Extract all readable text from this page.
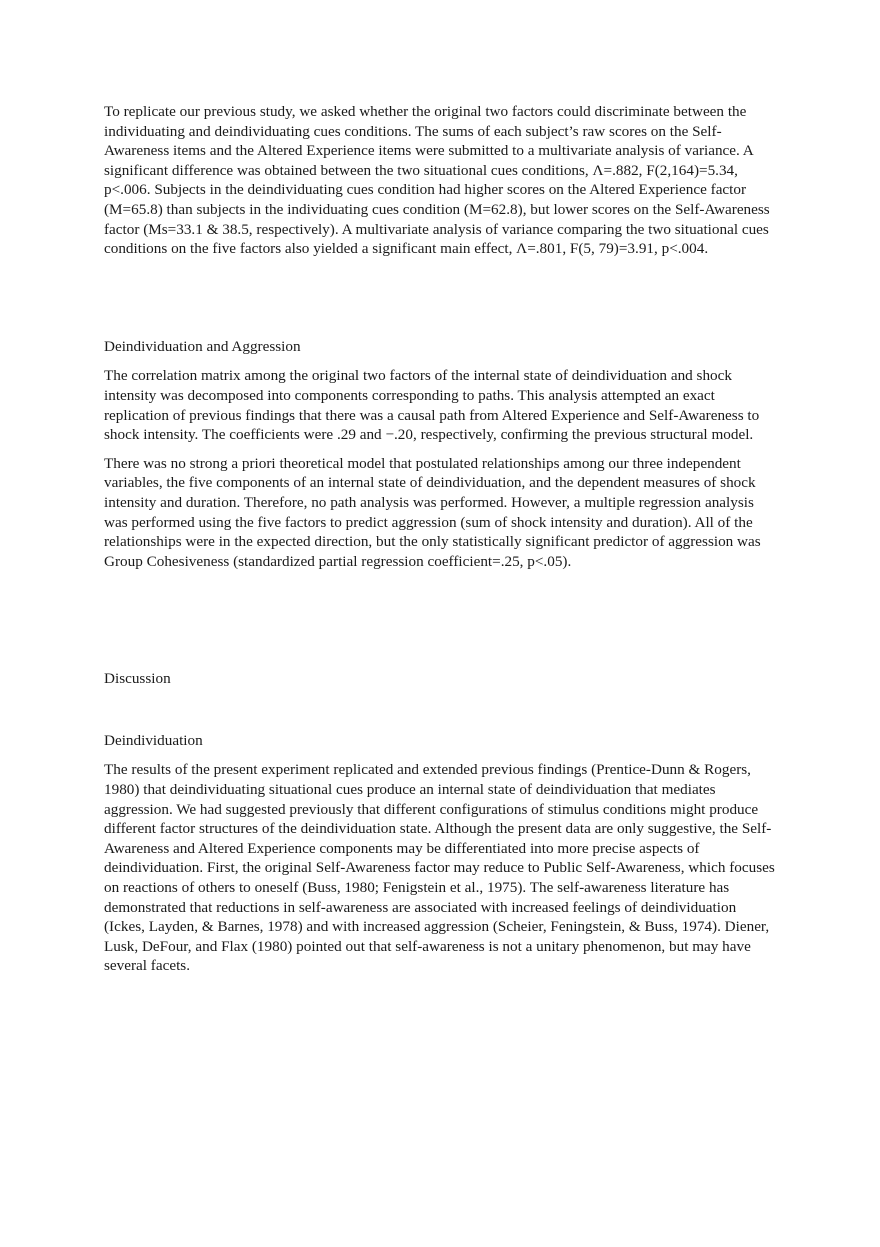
To replicate our previous study, we asked whether the original two factors could discriminate between the individuating and deindividuating cues conditions. The sums of each subject’s raw scores on the Self-Awareness items and the Altered Experience items were submitted to a multivariate analysis of variance. A significant difference was obtained between the two situational cues conditions, Λ=.882, F(2,164)=5.34, p<.006. Subjects in the deindividuating cues condition had higher scores on the Altered Experience factor (M=65.8) than subjects in the individuating cues condition (M=62.8), but lower scores on the Self-Awareness factor (Ms=33.1 & 38.5, respectively). A multivariate analysis of variance comparing the two situational cues conditions on the five factors also yielded a significant main effect, Λ=.801, F(5, 79)=3.91, p<.004.

Deindividuation and Aggression

The correlation matrix among the original two factors of the internal state of deindividuation and shock intensity was decomposed into components corresponding to paths. This analysis attempted an exact replication of previous findings that there was a causal path from Altered Experience and Self-Awareness to shock intensity. The coefficients were .29 and −.20, respectively, confirming the previous structural model.

There was no strong a priori theoretical model that postulated relationships among our three independent variables, the five components of an internal state of deindividuation, and the dependent measures of shock intensity and duration. Therefore, no path analysis was performed. However, a multiple regression analysis was performed using the five factors to predict aggression (sum of shock intensity and duration). All of the relationships were in the expected direction, but the only statistically significant predictor of aggression was Group Cohesiveness (standardized partial regression coefficient=.25, p<.05).

Discussion
Deindividuation

The results of the present experiment replicated and extended previous findings (Prentice-Dunn & Rogers, 1980) that deindividuating situational cues produce an internal state of deindividuation that mediates aggression. We had suggested previously that different configurations of stimulus conditions might produce different factor structures of the deindividuation state. Although the present data are only suggestive, the Self-Awareness and Altered Experience components may be differentiated into more precise aspects of deindividuation. First, the original Self-Awareness factor may reduce to Public Self-Awareness, which focuses on reactions of others to oneself (Buss, 1980; Fenigstein et al., 1975). The self-awareness literature has demonstrated that reductions in self-awareness are associated with increased feelings of deindividuation (Ickes, Layden, & Barnes, 1978) and with increased aggression (Scheier, Feningstein, & Buss, 1974). Diener, Lusk, DeFour, and Flax (1980) pointed out that self-awareness is not a unitary phenomenon, but may have several facets.
